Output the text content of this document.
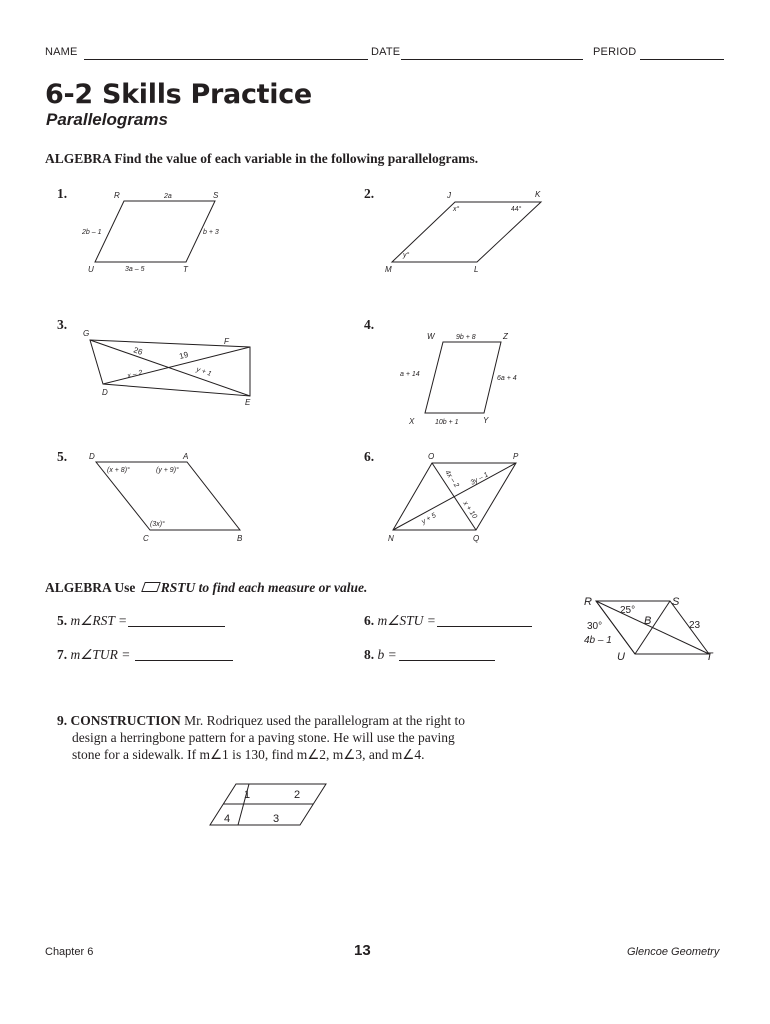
NAME	DATE	PERIOD
6-2 Skills Practice
Parallelograms
ALGEBRA Find the value of each variable in the following parallelograms.
1.	2.
3.	4.
5.	6.
R	S
T
U
2a
2b – 1	b + 3
3a – 5
J	K
L
M
x°	44°
y°
G
F
D
E
26	19
x – 2	y + 1
W	Z
X	Y
9b + 8
a + 14
6a + 4
10b + 1
D	A
C	B
(x + 8)°	(y + 9)°
(3x)°
O	P
N	Q
4x – 2 3y – 1
y + 5	x + 10
R	S
T
U
B
25°
30°	23
4b – 1
1	2
4	3
ALGEBRA Use RSTU to find each measure or value.
5. m∠RST =	6. m∠STU =
7. m∠TUR =	8. b =
9. CONSTRUCTION Mr. Rodriquez used the parallelogram at the right to
design a herringbone pattern for a paving stone. He will use the paving
stone for a sidewalk. If m∠1 is 130, find m∠2, m∠3, and m∠4.
Chapter 6	13	Glencoe Geometry
